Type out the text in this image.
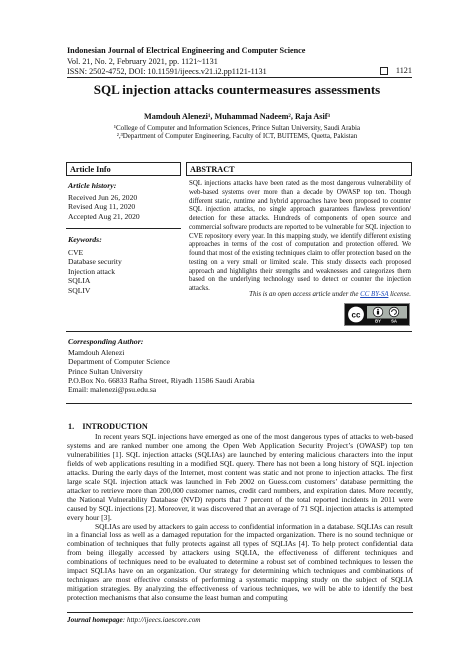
Indonesian Journal of Electrical Engineering and Computer Science
Vol. 21, No. 2, February 2021, pp. 1121~1131
ISSN: 2502-4752, DOI: 10.11591/ijeecs.v21.i2.pp1121-1131	1121
SQL injection attacks countermeasures assessments
Mamdouh Alenezi¹, Muhammad Nadeem², Raja Asif³
¹College of Computer and Information Sciences, Prince Sultan University, Saudi Arabia
²,³Department of Computer Engineering, Faculty of ICT, BUITEMS, Quetta, Pakistan
Article Info	ABSTRACT
Article history:
Received Jun 26, 2020
Revised Aug 11, 2020
Accepted Aug 21, 2020
Keywords:
CVE
Database security
Injection attack
SQLIA
SQLIV
SQL injections attacks have been rated as the most dangerous vulnerability of web-based systems over more than a decade by OWASP top ten. Though different static, runtime and hybrid approaches have been proposed to counter SQL injection attacks, no single approach guarantees flawless prevention/ detection for these attacks. Hundreds of components of open source and commercial software products are reported to be vulnerable for SQL injection to CVE repository every year. In this mapping study, we identify different existing approaches in terms of the cost of computation and protection offered. We found that most of the existing techniques claim to offer protection based on the testing on a very small or limited scale. This study dissects each proposed approach and highlights their strengths and weaknesses and categorizes them based on the underlying technology used to detect or counter the injection attacks.
This is an open access article under the CC BY-SA license.
cc
BY SA
Corresponding Author:
Mamdouh Alenezi
Department of Computer Science
Prince Sultan University
P.O.Box No. 66833 Rafha Street, Riyadh 11586 Saudi Arabia
Email: malenezi@psu.edu.sa
1.    INTRODUCTION

In recent years SQL injections have emerged as one of the most dangerous types of attacks to web-based systems and are ranked number one among the Open Web Application Security Project’s (OWASP) top ten vulnerabilities [1]. SQL injection attacks (SQLIAs) are launched by entering malicious characters into the input fields of web applications resulting in a modified SQL query. There has not been a long history of SQL injection attacks. During the early days of the Internet, most content was static and not prone to injection attacks. The first large scale SQL injection attack was launched in Feb 2002 on Guess.com customers’ database permitting the attacker to retrieve more than 200,000 customer names, credit card numbers, and expiration dates. More recently, the National Vulnerability Database (NVD) reports that 7 percent of the total reported incidents in 2011 were caused by SQL injections [2]. Moreover, it was discovered that an average of 71 SQL injection attacks is attempted every hour [3].

SQLIAs are used by attackers to gain access to confidential information in a database. SQLIAs can result in a financial loss as well as a damaged reputation for the impacted organization. There is no sound technique or combination of techniques that fully protects against all types of SQLIAs [4]. To help protect confidential data from being illegally accessed by attackers using SQLIA, the effectiveness of different techniques and combinations of techniques need to be evaluated to determine a robust set of combined techniques to lessen the impact SQLIAs have on an organization. Our strategy for determining which techniques and combinations of techniques are most effective consists of performing a systematic mapping study on the subject of SQLIA mitigation strategies. By analyzing the effectiveness of various techniques, we will be able to identify the best protection mechanisms that also consume the least human and computing

Journal homepage: http://ijeecs.iaescore.com
